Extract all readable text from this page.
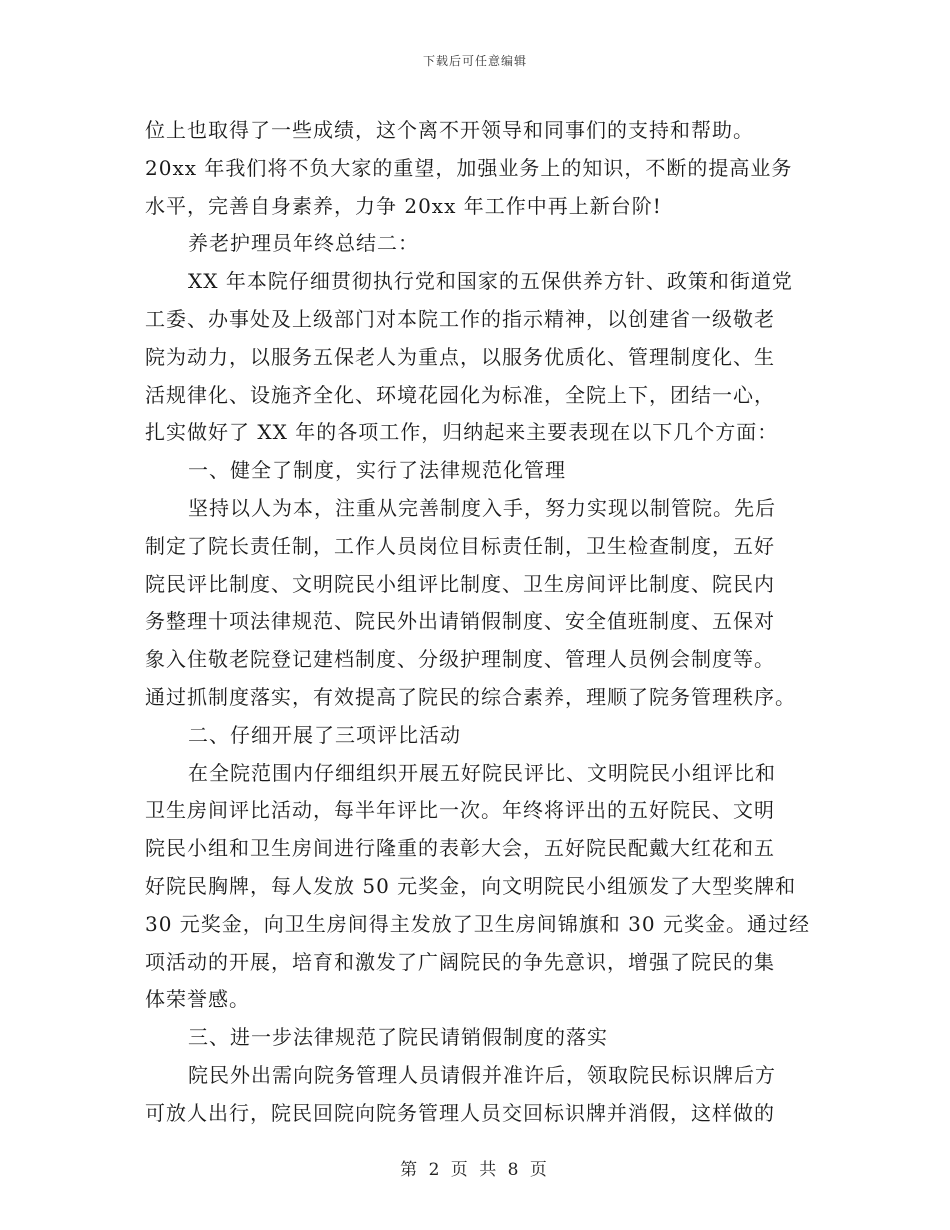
下载后可任意编辑
位上也取得了一些成绩，这个离不开领导和同事们的支持和帮助。
20xx 年我们将不负大家的重望，加强业务上的知识，不断的提高业务
水平，完善自身素养，力争 20xx 年工作中再上新台阶!
养老护理员年终总结二：
XX 年本院仔细贯彻执行党和国家的五保供养方针、政策和街道党
工委、办事处及上级部门对本院工作的指示精神，以创建省一级敬老
院为动力，以服务五保老人为重点，以服务优质化、管理制度化、生
活规律化、设施齐全化、环境花园化为标准，全院上下，团结一心，
扎实做好了 XX 年的各项工作，归纳起来主要表现在以下几个方面：
一、健全了制度，实行了法律规范化管理
坚持以人为本，注重从完善制度入手，努力实现以制管院。先后
制定了院长责任制，工作人员岗位目标责任制，卫生检查制度，五好
院民评比制度、文明院民小组评比制度、卫生房间评比制度、院民内
务整理十项法律规范、院民外出请销假制度、安全值班制度、五保对
象入住敬老院登记建档制度、分级护理制度、管理人员例会制度等。
通过抓制度落实，有效提高了院民的综合素养，理顺了院务管理秩序。
二、仔细开展了三项评比活动
在全院范围内仔细组织开展五好院民评比、文明院民小组评比和
卫生房间评比活动，每半年评比一次。年终将评出的五好院民、文明
院民小组和卫生房间进行隆重的表彰大会，五好院民配戴大红花和五
好院民胸牌，每人发放 50 元奖金，向文明院民小组颁发了大型奖牌和
30 元奖金，向卫生房间得主发放了卫生房间锦旗和 30 元奖金。通过经
项活动的开展，培育和激发了广阔院民的争先意识，增强了院民的集
体荣誉感。
三、进一步法律规范了院民请销假制度的落实
院民外出需向院务管理人员请假并准许后，领取院民标识牌后方
可放人出行，院民回院向院务管理人员交回标识牌并消假，这样做的
第 2 页 共 8 页
